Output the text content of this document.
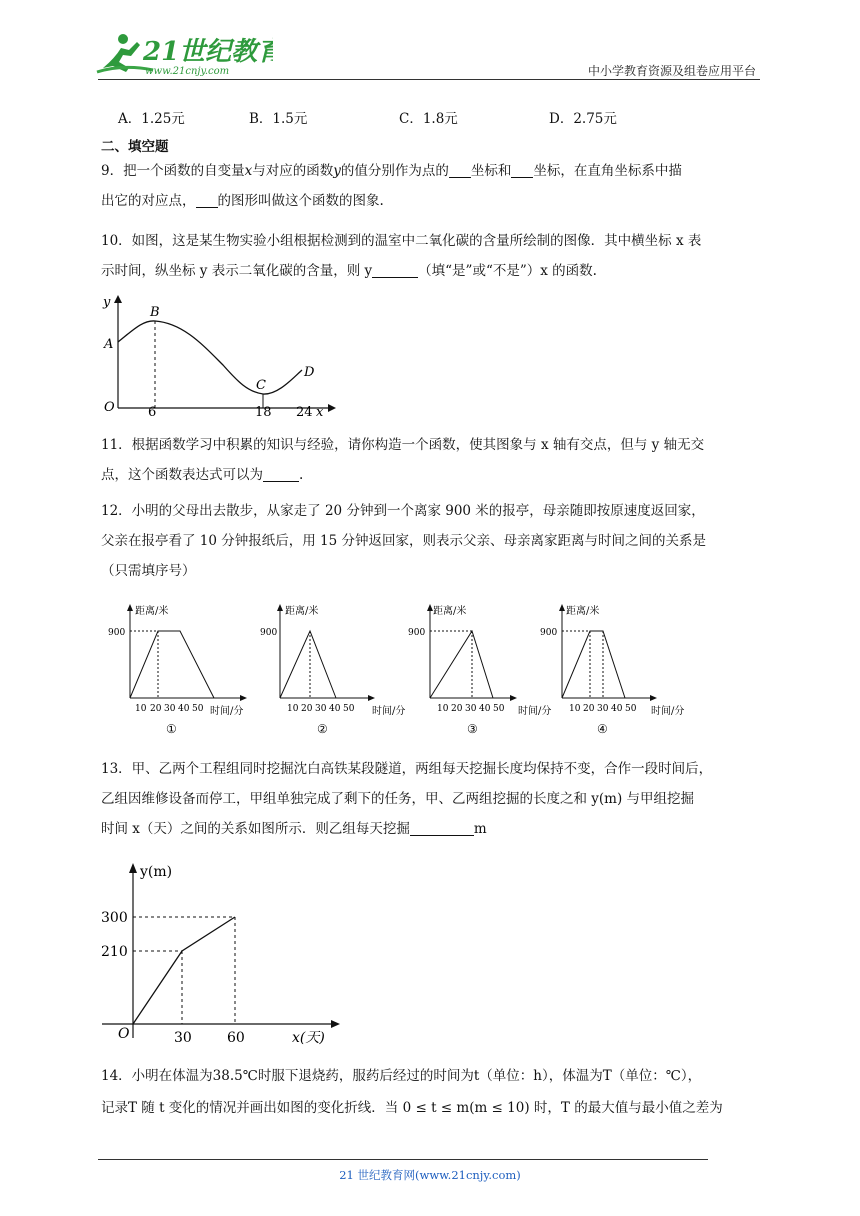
21世纪教育
www.21cnjy.com	中小学教育资源及组卷应用平台
A．1.25元	B．1.5元	C．1.8元	D．2.75元
二、填空题
9．把一个函数的自变量x与对应的函数y的值分别作为点的 坐标和 坐标，在直角坐标系中描
出它的对应点， 的图形叫做这个函数的图象.
10．如图，这是某生物实验小组根据检测到的温室中二氧化碳的含量所绘制的图像．其中横坐标 x 表
示时间，纵坐标 y 表示二氧化碳的含量，则 y	（填“是”或“不是”）x 的函数.
y
A
B
C
D
O	6	18 24 x
11．根据函数学习中积累的知识与经验，请你构造一个函数，使其图象与 x 轴有交点，但与 y 轴无交
点，这个函数表达式可以为	.
12．小明的父母出去散步，从家走了 20 分钟到一个离家 900 米的报亭，母亲随即按原速度返回家，
父亲在报亭看了 10 分钟报纸后，用 15 分钟返回家，则表示父亲、母亲离家距离与时间之间的关系是
（只需填序号）
距离/米
900
10 20 30 40 50 时间/分
①
距离/米
900
10 20 30 40 50 时间/分
②
距离/米
900
10 20 30 40 50 时间/分
③
距离/米
900
10 20 30 40 50 时间/分
④
13．甲、乙两个工程组同时挖掘沈白高铁某段隧道，两组每天挖掘长度均保持不变，合作一段时间后，
乙组因维修设备而停工，甲组单独完成了剩下的任务，甲、乙两组挖掘的长度之和 y(m) 与甲组挖掘
时间 x（天）之间的关系如图所示．则乙组每天挖掘	m
y(m)
300
210
O	30	60	x(天)
14．小明在体温为38.5℃时服下退烧药，服药后经过的时间为t（单位：h），体温为T（单位：℃），
记录T 随 t 变化的情况并画出如图的变化折线．当 0 ≤ t ≤ m(m ≤ 10) 时，T 的最大值与最小值之差为
21 世纪教育网(www.21cnjy.com)
